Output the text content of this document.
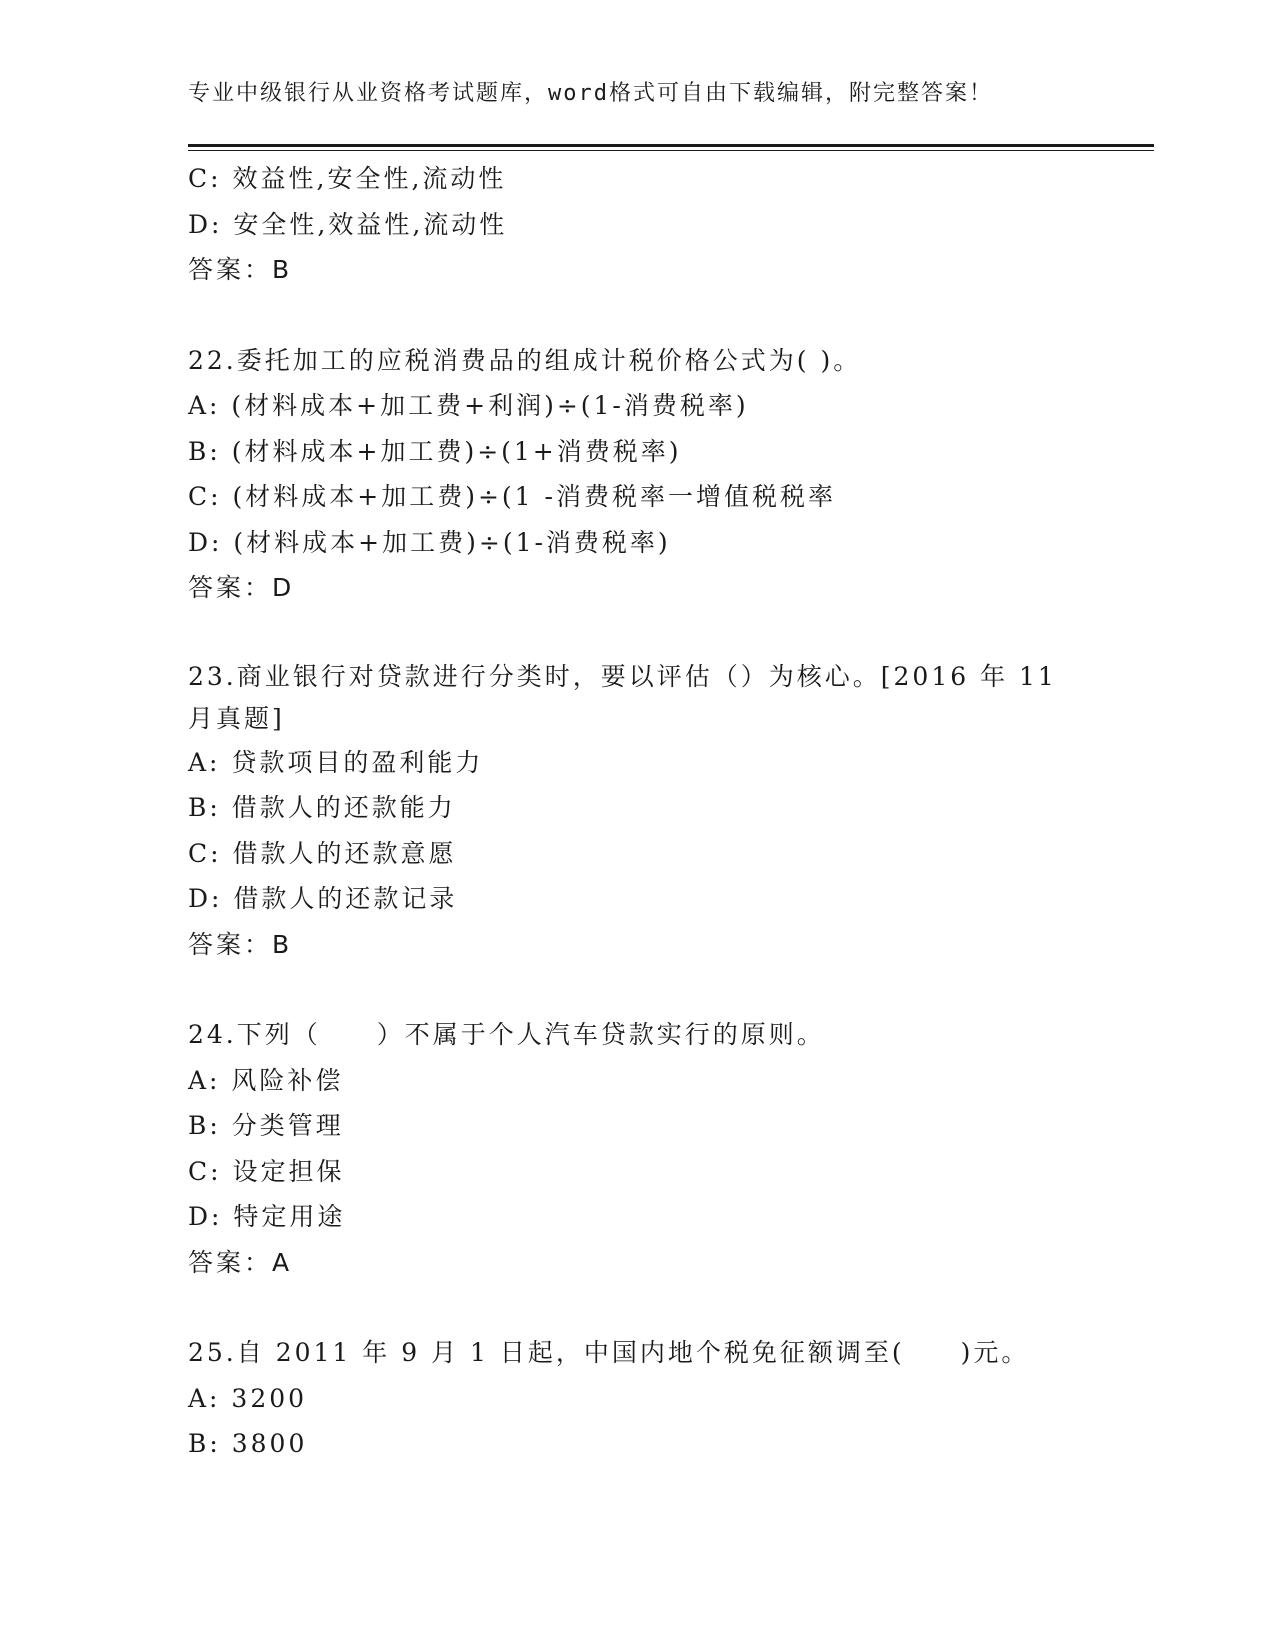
专业中级银行从业资格考试题库，word格式可自由下载编辑，附完整答案！
C: 效益性,安全性,流动性
D: 安全性,效益性,流动性
答案：B
22.委托加工的应税消费品的组成计税价格公式为( )。
A: (材料成本+加工费+利润)÷(1-消费税率)
B: (材料成本+加工费)÷(1+消费税率)
C: (材料成本+加工费)÷(1 -消费税率一增值税税率
D: (材料成本+加工费)÷(1-消费税率)
答案：D
23.商业银行对贷款进行分类时，要以评估（）为核心。[2016 年 11 月真题]
A: 贷款项目的盈利能力
B: 借款人的还款能力
C: 借款人的还款意愿
D: 借款人的还款记录
答案：B
24.下列（　　）不属于个人汽车贷款实行的原则。
A: 风险补偿
B: 分类管理
C: 设定担保
D: 特定用途
答案：A
25.自 2011 年 9 月 1 日起，中国内地个税免征额调至(　　)元。
A: 3200
B: 3800
